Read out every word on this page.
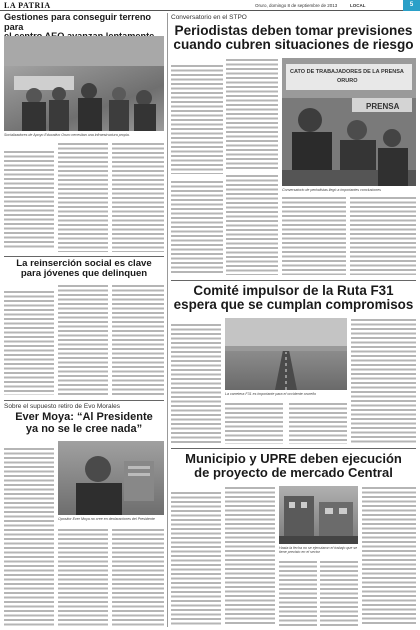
LA PATRIA	Oruro, domingo 8 de septiembre de 2013	LOCAL	5
Gestiones para conseguir terreno para
Socializadores de Apoyo Educativo Oruro necesitan una infraestructura propia.
La reinserción social es clave
para jóvenes que delinquen
Sobre el supuesto retiro de Evo Morales
Ever Moya: “Al Presidente
ya no se le cree nada”
Opositor Ever Moya no cree en declaraciones del Presidente
Conversatorio en el STPO
Periodistas deben tomar previsiones
cuando cubren situaciones de riesgo
CATO DE TRABAJADORES DE LA PRENSA
ORURO
PRENSA
Conversatorio de periodistas llegó a importantes conclusiones
Comité impulsor de la Ruta F31
espera que se cumplan compromisos
La carretera F31 es importante para el occidente orureño
Municipio y UPRE deben ejecución
de proyecto de mercado Central
Hasta la fecha no se ejecutaron el trabajo que se tiene previsto en el sector
